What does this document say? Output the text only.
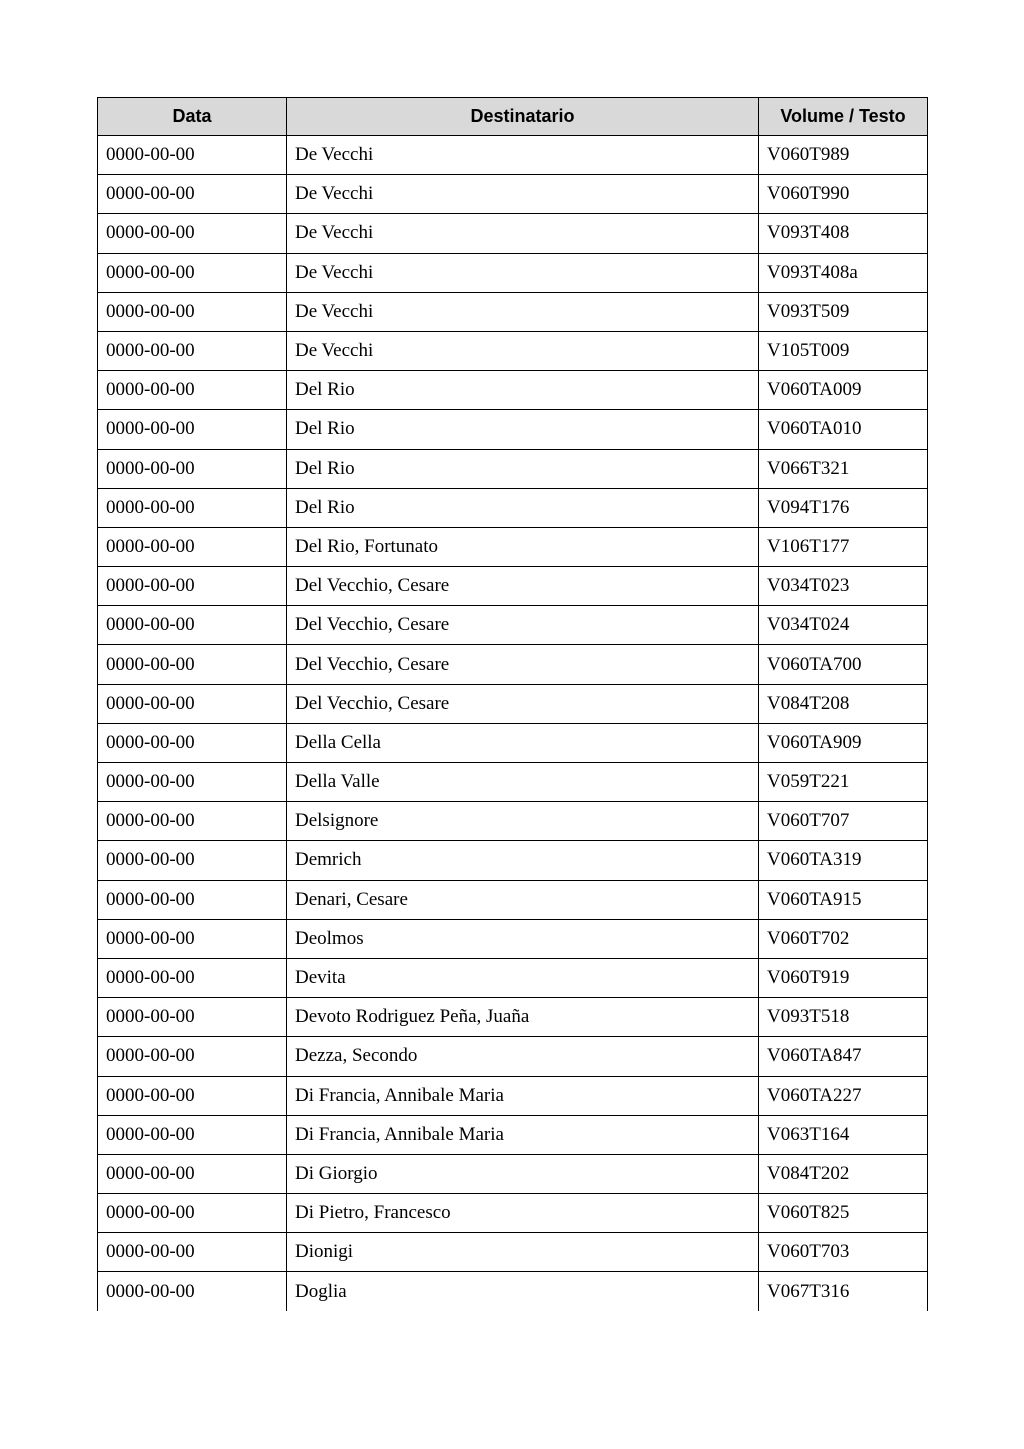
Data	Destinatario	Volume / Testo
0000-00-00	De Vecchi	V060T989
0000-00-00	De Vecchi	V060T990
0000-00-00	De Vecchi	V093T408
0000-00-00	De Vecchi	V093T408a
0000-00-00	De Vecchi	V093T509
0000-00-00	De Vecchi	V105T009
0000-00-00	Del Rio	V060TA009
0000-00-00	Del Rio	V060TA010
0000-00-00	Del Rio	V066T321
0000-00-00	Del Rio	V094T176
0000-00-00	Del Rio, Fortunato	V106T177
0000-00-00	Del Vecchio, Cesare	V034T023
0000-00-00	Del Vecchio, Cesare	V034T024
0000-00-00	Del Vecchio, Cesare	V060TA700
0000-00-00	Del Vecchio, Cesare	V084T208
0000-00-00	Della Cella	V060TA909
0000-00-00	Della Valle	V059T221
0000-00-00	Delsignore	V060T707
0000-00-00	Demrich	V060TA319
0000-00-00	Denari, Cesare	V060TA915
0000-00-00	Deolmos	V060T702
0000-00-00	Devita	V060T919
0000-00-00	Devoto Rodriguez Peña, Juaña	V093T518
0000-00-00	Dezza, Secondo	V060TA847
0000-00-00	Di Francia, Annibale Maria	V060TA227
0000-00-00	Di Francia, Annibale Maria	V063T164
0000-00-00	Di Giorgio	V084T202
0000-00-00	Di Pietro, Francesco	V060T825
0000-00-00	Dionigi	V060T703
0000-00-00	Doglia	V067T316
